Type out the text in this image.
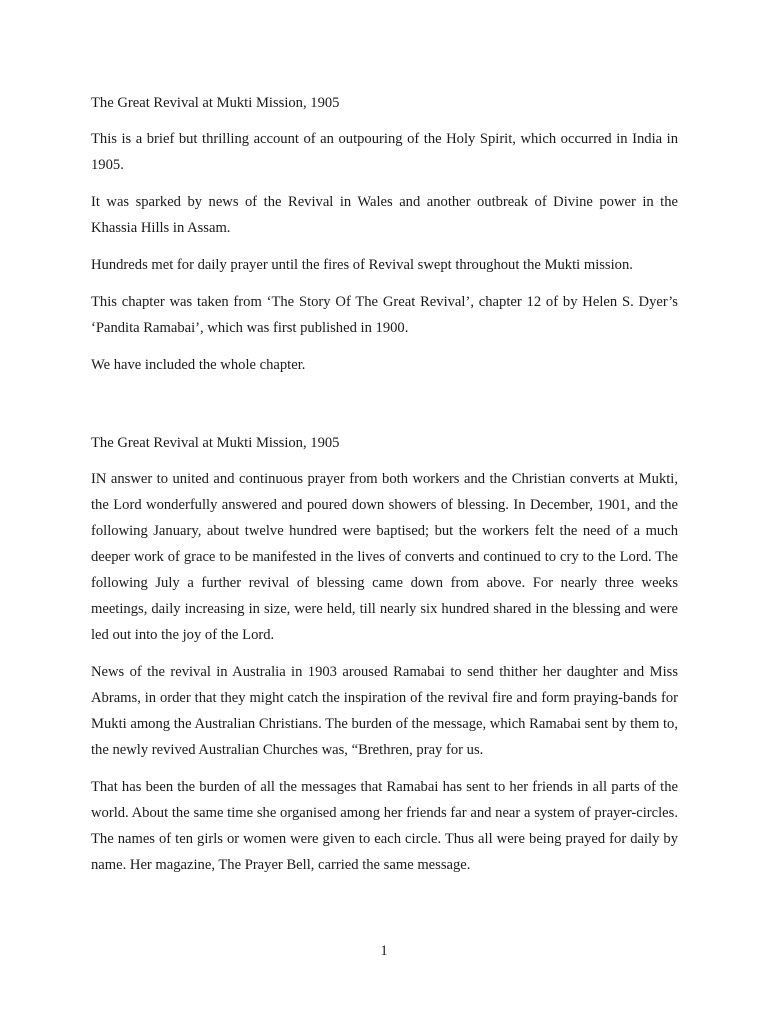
The Great Revival at Mukti Mission, 1905

This is a brief but thrilling account of an outpouring of the Holy Spirit, which occurred in India in 1905.

It was sparked by news of the Revival in Wales and another outbreak of Divine power in the Khassia Hills in Assam.

Hundreds met for daily prayer until the fires of Revival swept throughout the Mukti mission.

This chapter was taken from ‘The Story Of The Great Revival’, chapter 12 of by Helen S. Dyer’s ‘Pandita Ramabai’, which was first published in 1900.

We have included the whole chapter.

The Great Revival at Mukti Mission, 1905

IN answer to united and continuous prayer from both workers and the Christian converts at Mukti, the Lord wonderfully answered and poured down showers of blessing. In December, 1901, and the following January, about twelve hundred were baptised; but the workers felt the need of a much deeper work of grace to be manifested in the lives of converts and continued to cry to the Lord. The following July a further revival of blessing came down from above. For nearly three weeks meetings, daily increasing in size, were held, till nearly six hundred shared in the blessing and were led out into the joy of the Lord.

News of the revival in Australia in 1903 aroused Ramabai to send thither her daughter and Miss Abrams, in order that they might catch the inspiration of the revival fire and form praying-bands for Mukti among the Australian Christians. The burden of the message, which Ramabai sent by them to, the newly revived Australian Churches was, “Brethren, pray for us.

That has been the burden of all the messages that Ramabai has sent to her friends in all parts of the world. About the same time she organised among her friends far and near a system of prayer-circles. The names of ten girls or women were given to each circle. Thus all were being prayed for daily by name. Her magazine, The Prayer Bell, carried the same message.

1
